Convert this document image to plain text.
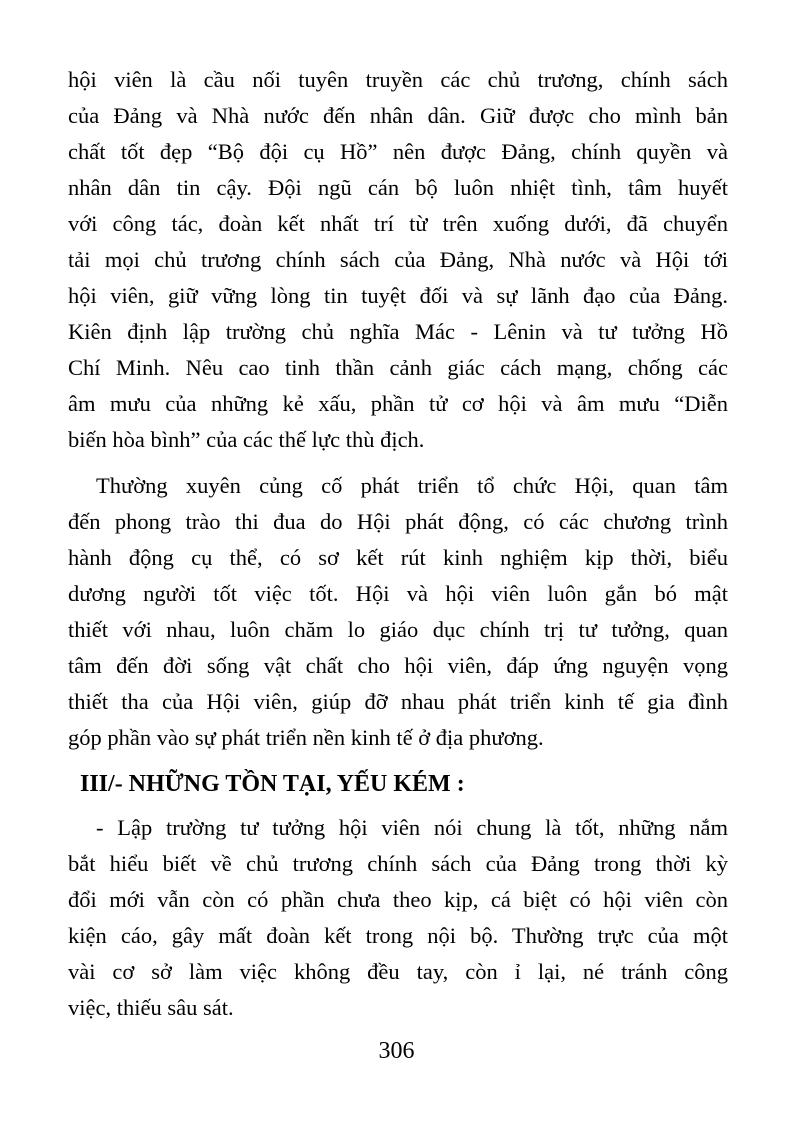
hội viên là cầu nối tuyên truyền các chủ trương, chính sách
của Đảng và Nhà nước đến nhân dân. Giữ được cho mình bản
chất tốt đẹp “Bộ đội cụ Hồ” nên được Đảng, chính quyền và
nhân dân tin cậy. Đội ngũ cán bộ luôn nhiệt tình, tâm huyết
với công tác, đoàn kết nhất trí từ trên xuống dưới, đã chuyển
tải mọi chủ trương chính sách của Đảng, Nhà nước và Hội tới
hội viên, giữ vững lòng tin tuyệt đối và sự lãnh đạo của Đảng.
Kiên định lập trường chủ nghĩa Mác - Lênin và tư tưởng Hồ
Chí Minh. Nêu cao tinh thần cảnh giác cách mạng, chống các
âm mưu của những kẻ xấu, phần tử cơ hội và âm mưu “Diễn
biến hòa bình” của các thế lực thù địch.
Thường xuyên củng cố phát triển tổ chức Hội, quan tâm
đến phong trào thi đua do Hội phát động, có các chương trình
hành động cụ thể, có sơ kết rút kinh nghiệm kịp thời, biểu
dương người tốt việc tốt. Hội và hội viên luôn gắn bó mật
thiết với nhau, luôn chăm lo giáo dục chính trị tư tưởng, quan
tâm đến đời sống vật chất cho hội viên, đáp ứng nguyện vọng
thiết tha của Hội viên, giúp đỡ nhau phát triển kinh tế gia đình
góp phần vào sự phát triển nền kinh tế ở địa phương.
III/- NHỮNG TỒN TẠI, YẾU KÉM :
- Lập trường tư tưởng hội viên nói chung là tốt, những nắm
bắt hiểu biết về chủ trương chính sách của Đảng trong thời kỳ
đổi mới vẫn còn có phần chưa theo kịp, cá biệt có hội viên còn
kiện cáo, gây mất đoàn kết trong nội bộ. Thường trực của một
vài cơ sở làm việc không đều tay, còn ỉ lại, né tránh công
việc, thiếu sâu sát.
306
